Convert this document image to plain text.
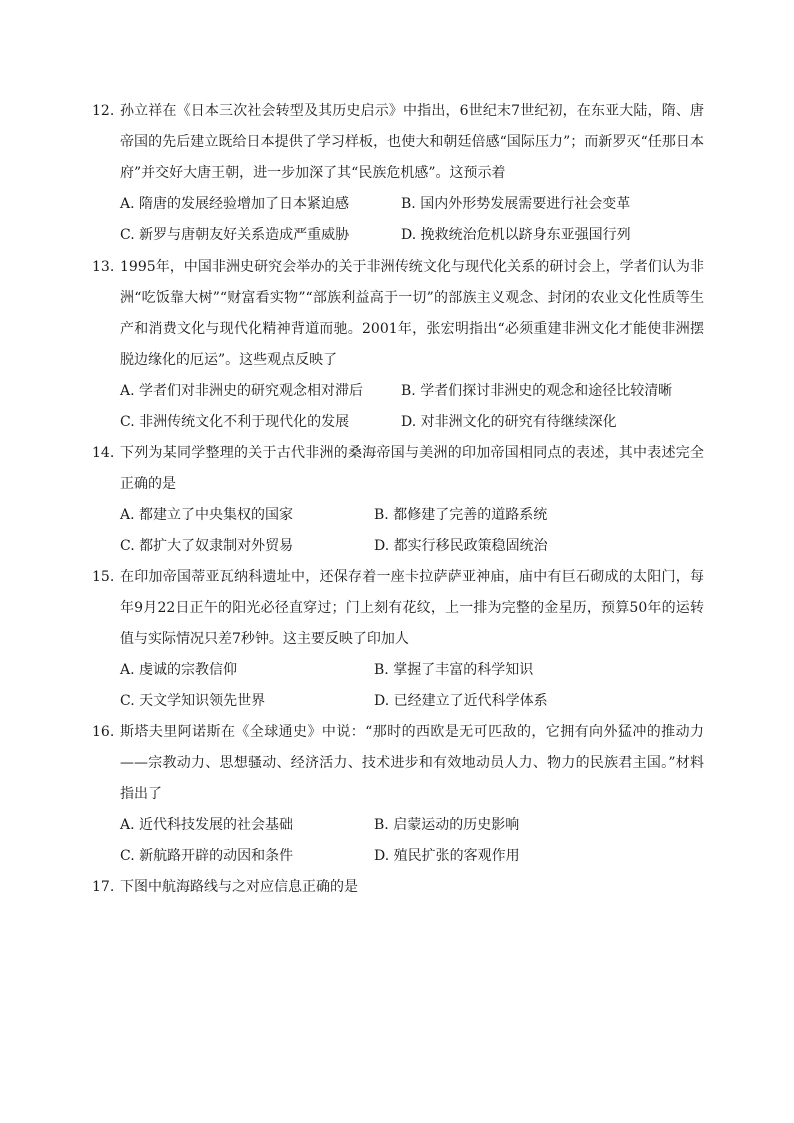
12. 孙立祥在《日本三次社会转型及其历史启示》中指出，6世纪末7世纪初，在东亚大陆，隋、唐帝国的先后建立既给日本提供了学习样板，也使大和朝廷倍感“国际压力”；而新罗灭“任那日本府”并交好大唐王朝，进一步加深了其“民族危机感”。这预示着
A. 隋唐的发展经验增加了日本紧迫感	B. 国内外形势发展需要进行社会变革
C. 新罗与唐朝友好关系造成严重威胁	D. 挽救统治危机以跻身东亚强国行列
13. 1995年，中国非洲史研究会举办的关于非洲传统文化与现代化关系的研讨会上，学者们认为非洲“吃饭靠大树”“财富看实物”“部族利益高于一切”的部族主义观念、封闭的农业文化性质等生产和消费文化与现代化精神背道而驰。2001年，张宏明指出“必须重建非洲文化才能使非洲摆脱边缘化的厄运”。这些观点反映了
A. 学者们对非洲史的研究观念相对滞后	B. 学者们探讨非洲史的观念和途径比较清晰
C. 非洲传统文化不利于现代化的发展	D. 对非洲文化的研究有待继续深化
14. 下列为某同学整理的关于古代非洲的桑海帝国与美洲的印加帝国相同点的表述，其中表述完全正确的是
A. 都建立了中央集权的国家	B. 都修建了完善的道路系统
C. 都扩大了奴隶制对外贸易	D. 都实行移民政策稳固统治
15. 在印加帝国蒂亚瓦纳科遗址中，还保存着一座卡拉萨萨亚神庙，庙中有巨石砌成的太阳门，每年9月22日正午的阳光必径直穿过；门上刻有花纹，上一排为完整的金星历，预算50年的运转值与实际情况只差7秒钟。这主要反映了印加人
A. 虔诚的宗教信仰	B. 掌握了丰富的科学知识
C. 天文学知识领先世界	D. 已经建立了近代科学体系
16. 斯塔夫里阿诺斯在《全球通史》中说：“那时的西欧是无可匹敌的，它拥有向外猛冲的推动力——宗教动力、思想骚动、经济活力、技术进步和有效地动员人力、物力的民族君主国。”材料指出了
A. 近代科技发展的社会基础	B. 启蒙运动的历史影响
C. 新航路开辟的动因和条件	D. 殖民扩张的客观作用
17. 下图中航海路线与之对应信息正确的是
